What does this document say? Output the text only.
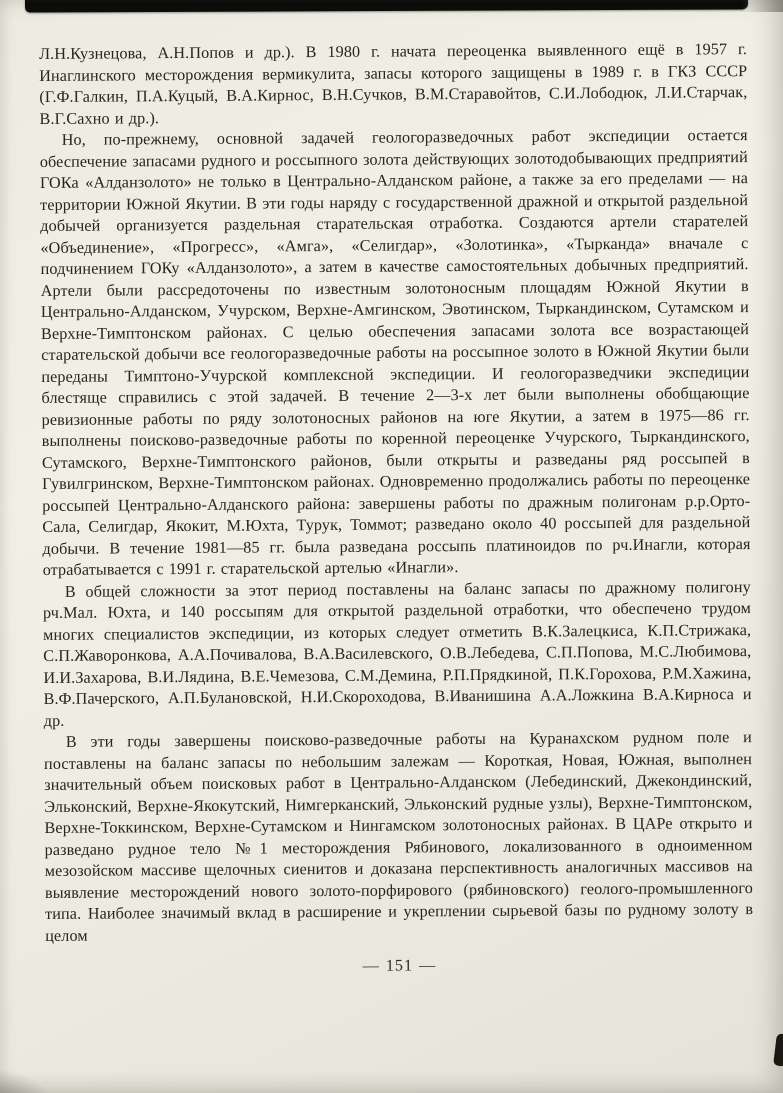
Л.Н.Кузнецова, А.Н.Попов и др.). В 1980 г. начата переоценка выявленного ещё в 1957 г. Инаглинского месторождения вермикулита, запасы которого защищены в 1989 г. в ГКЗ СССР (Г.Ф.Галкин, П.А.Куцый, В.А.Кирнос, В.Н.Сучков, В.М.Старавойтов, С.И.Лободюк, Л.И.Старчак, В.Г.Сахно и др.).

Но, по-прежнему, основной задачей геологоразведочных работ экспедиции остается обеспечение запасами рудного и россыпного золота действующих золотодобывающих предприятий ГОКа «Алданзолото» не только в Центрально-Алданском районе, а также за его пределами — на территории Южной Якутии. В эти годы наряду с государственной дражной и открытой раздельной добычей организуется раздельная старательская отработка. Создаются артели старателей «Объединение», «Прогресс», «Амга», «Селигдар», «Золотинка», «Тырканда» вначале с подчинением ГОКу «Алданзолото», а затем в качестве самостоятельных добычных предприятий. Артели были рассредоточены по известным золотоносным площадям Южной Якутии в Центрально-Алданском, Учурском, Верхне-Амгинском, Эвотинском, Тыркандинском, Сутамском и Верхне-Тимптонском районах. С целью обеспечения запасами золота все возрастающей старательской добычи все геологоразведочные работы на россыпное золото в Южной Якутии были переданы Тимптоно-Учурской комплексной экспедиции. И геологоразведчики экспедиции блестяще справились с этой задачей. В течение 2—3-х лет были выполнены обобщающие ревизионные работы по ряду золотоносных районов на юге Якутии, а затем в 1975—86 гг. выполнены поисково-разведочные работы по коренной переоценке Учурского, Тыркандинского, Сутамского, Верхне-Тимптонского районов, были открыты и разведаны ряд россыпей в Гувилгринском, Верхне-Тимптонском районах. Одновременно продолжались работы по переоценке россыпей Центрально-Алданского района: завершены работы по дражным полигонам р.р.Орто-Сала, Селигдар, Якокит, М.Юхта, Турук, Томмот; разведано около 40 россыпей для раздельной добычи. В течение 1981—85 гг. была разведана россыпь платиноидов по рч.Инагли, которая отрабатывается с 1991 г. старательской артелью «Инагли».

В общей сложности за этот период поставлены на баланс запасы по дражному полигону рч.Мал. Юхта, и 140 россыпям для открытой раздельной отработки, что обеспечено трудом многих специалистов экспедиции, из которых следует отметить В.К.Залецкиса, К.П.Стрижака, С.П.Жаворонкова, А.А.Почивалова, В.А.Василевского, О.В.Лебедева, С.П.Попова, М.С.Любимова, И.И.Захарова, В.И.Лядина, В.Е.Чемезова, С.М.Демина, Р.П.Прядкиной, П.К.Горохова, Р.М.Хажина, В.Ф.Пачерского, А.П.Булановской, Н.И.Скороходова, В.Иванишина А.А.Ложкина В.А.Кирноса и др.

В эти годы завершены поисково-разведочные работы на Куранахском рудном поле и поставлены на баланс запасы по небольшим залежам — Короткая, Новая, Южная, выполнен значительный объем поисковых работ в Центрально-Алданском (Лебединский, Джекондинский, Эльконский, Верхне-Якокутский, Нимгерканский, Эльконский рудные узлы), Верхне-Тимптонском, Верхне-Токкинском, Верхне-Сутамском и Нингамском золотоносных районах. В ЦАРе открыто и разведано рудное тело №1 месторождения Рябинового, локализованного в одноименном мезозойском массиве щелочных сиенитов и доказана перспективность аналогичных массивов на выявление месторождений нового золото-порфирового (рябиновского) геолого-промышленного типа. Наиболее значимый вклад в расширение и укреплении сырьевой базы по рудному золоту в целом

— 151 —
